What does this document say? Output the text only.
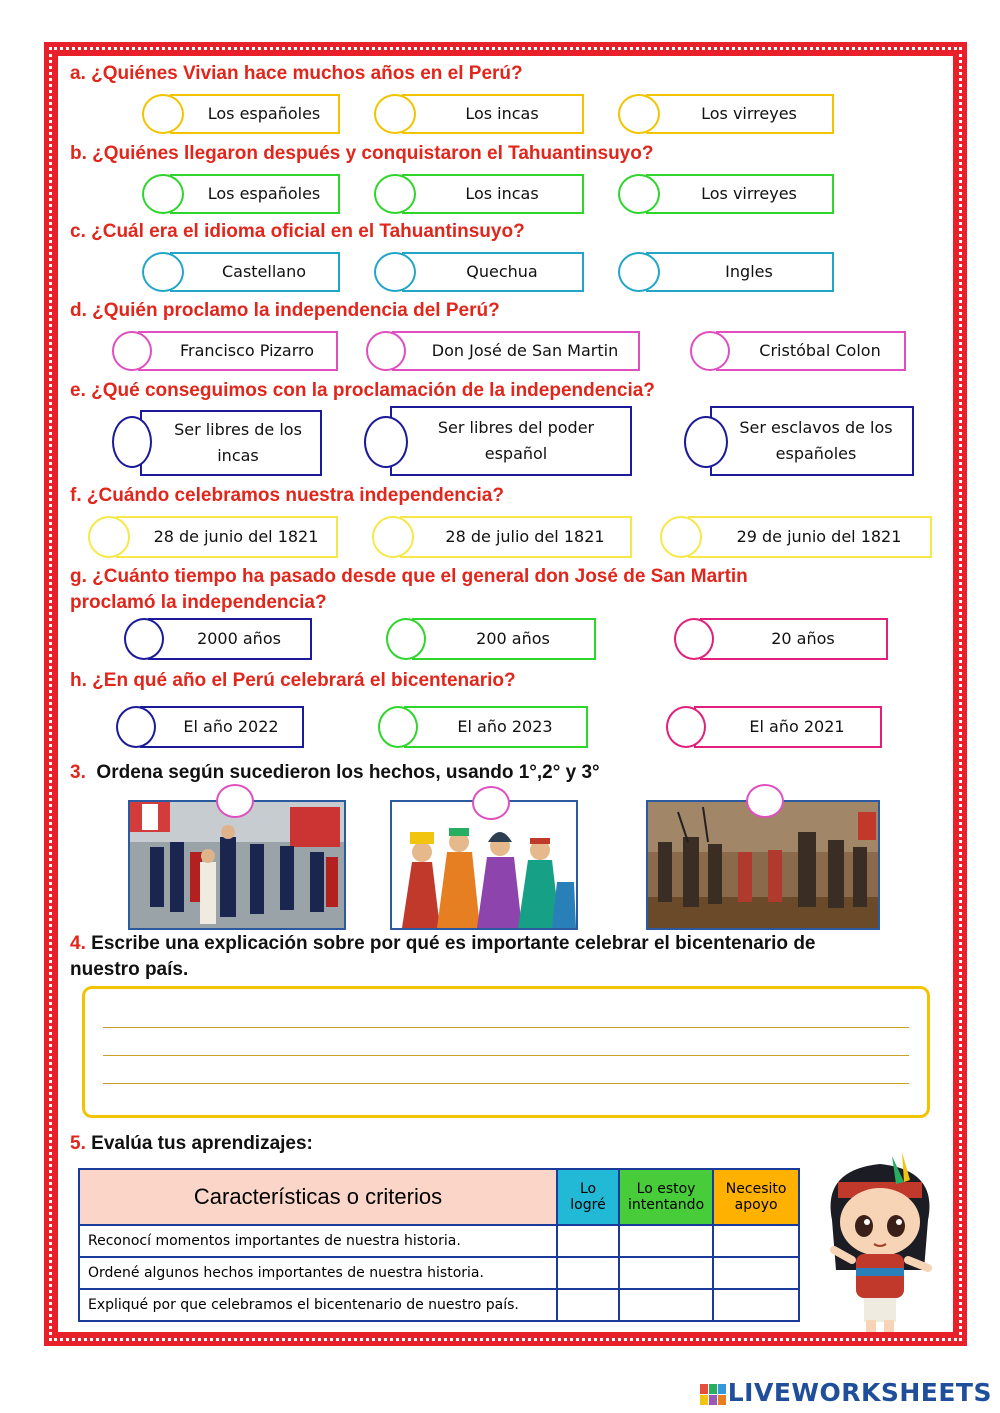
a. ¿Quiénes Vivian hace muchos años en el Perú?
Los españoles	Los incas	Los virreyes
b. ¿Quiénes llegaron después y conquistaron el Tahuantinsuyo?
Los españoles	Los incas	Los virreyes
c. ¿Cuál era el idioma oficial en el Tahuantinsuyo?
Castellano	Quechua	Ingles
d. ¿Quién proclamo la independencia del Perú?
Francisco Pizarro	Don José de San Martin	Cristóbal Colon
e. ¿Qué conseguimos con la proclamación de la independencia?
Ser libres de los incas
Ser libres del poder español
Ser esclavos de los españoles
f. ¿Cuándo celebramos nuestra independencia?
28 de junio del 1821	28 de julio del 1821	29 de junio del 1821
g. ¿Cuánto tiempo ha pasado desde que el general don José de San Martin
proclamó la independencia?
2000 años	200 años	20 años
h. ¿En qué año el Perú celebrará el bicentenario?
El año 2022	El año 2023	El año 2021
3. Ordena según sucedieron los hechos, usando 1°,2° y 3°
4. Escribe una explicación sobre por qué es importante celebrar el bicentenario de
nuestro país.
5. Evalúa tus aprendizajes:
Características o criterios	Lo logré	Lo estoy intentando	Necesito apoyo
Reconocí momentos importantes de nuestra historia.			
Ordené algunos hechos importantes de nuestra historia.			
Expliqué por que celebramos el bicentenario de nuestro país.			
LIVEWORKSHEETS
